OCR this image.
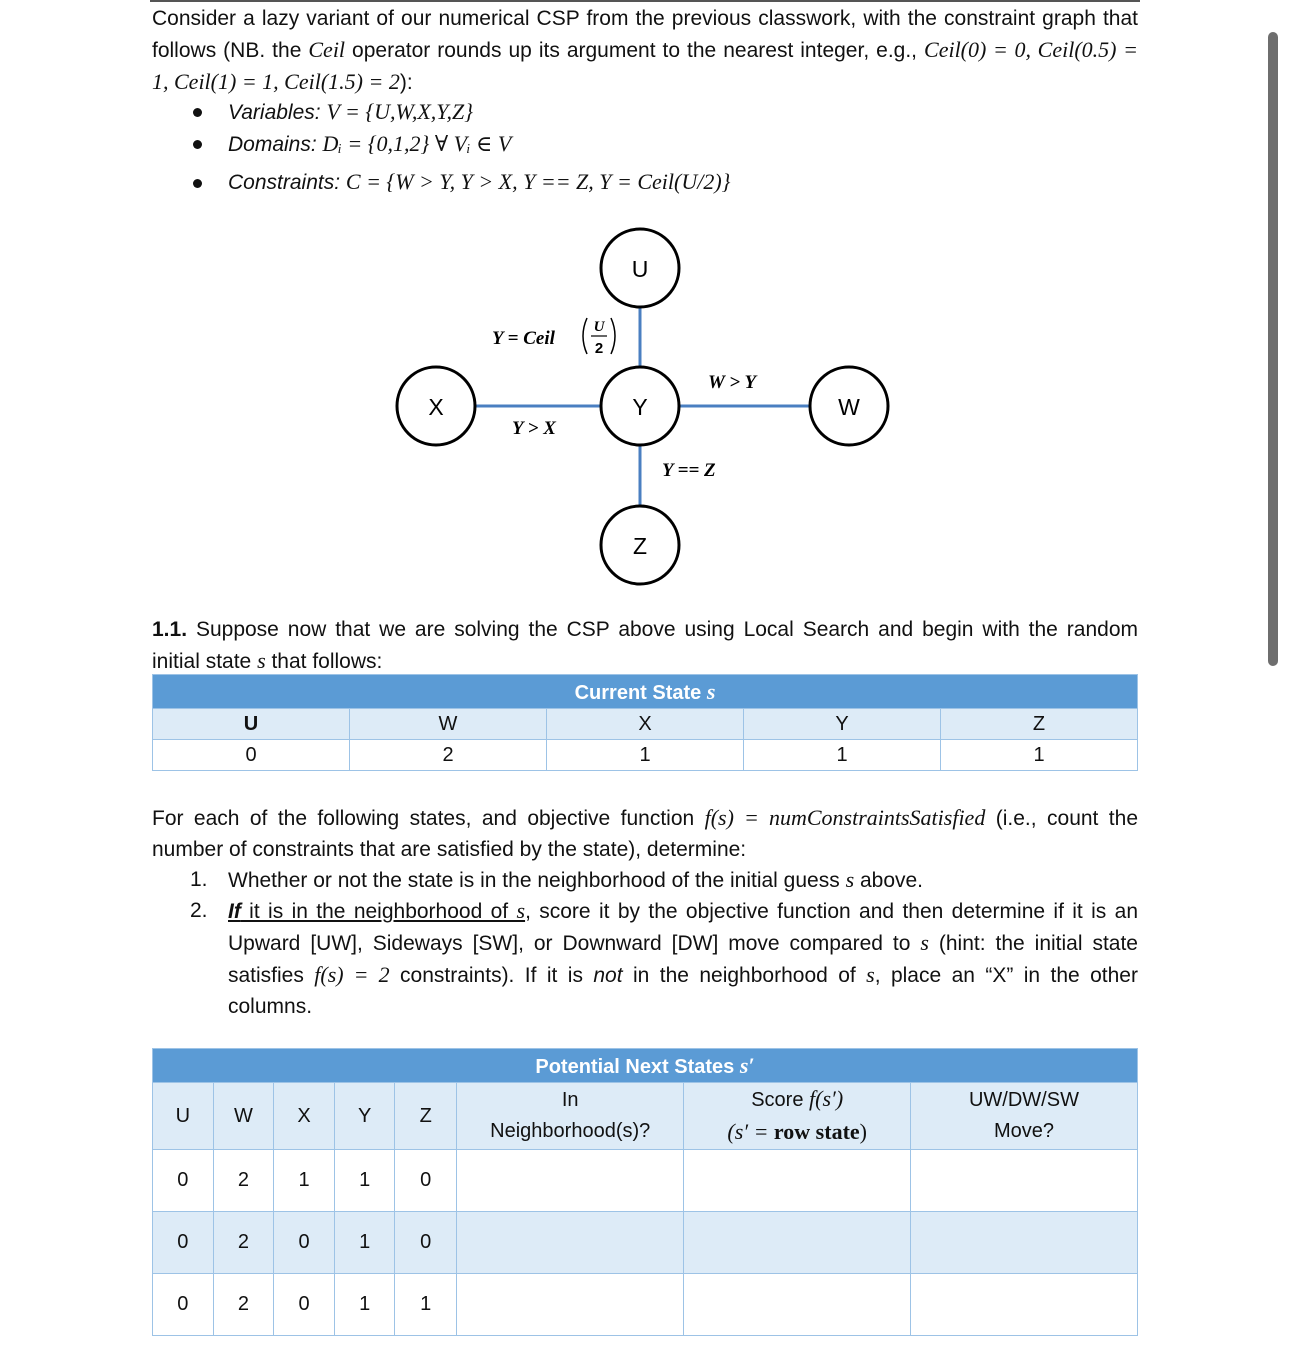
Consider a lazy variant of our numerical CSP from the previous classwork, with the constraint graph that follows (NB. the Ceil operator rounds up its argument to the nearest integer, e.g., Ceil(0) = 0, Ceil(0.5) = 1, Ceil(1) = 1, Ceil(1.5) = 2):
Variables: V = {U,W,X,Y,Z}
Domains: Dᵢ = {0,1,2} ∀ Vᵢ ∈ V
Constraints: C = {W > Y, Y > X, Y == Z, Y = Ceil(U/2)}
U
X	Y	W
Z
Y = Ceil
U
2
Y > X
W > Y
Y == Z
1.1. Suppose now that we are solving the CSP above using Local Search and begin with the random initial state s that follows:
Current State s				
U	W	X	Y	Z
0	2	1	1	1
For each of the following states, and objective function f(s) = numConstraintsSatisfied (i.e., count the number of constraints that are satisfied by the state), determine:
1. Whether or not the state is in the neighborhood of the initial guess s above.
2. If it is in the neighborhood of s, score it by the objective function and then determine if it is an Upward [UW], Sideways [SW], or Downward [DW] move compared to s (hint: the initial state satisfies f(s) = 2 constraints). If it is not in the neighborhood of s, place an “X” in the other columns.
Potential Next States s′							
U	W	X	Y	Z	In
Neighborhood(s)?	Score f(s′)
(s′ = row state)	UW/DW/SW
Move?
0	2	1	1	0			
0	2	0	1	0			
0	2	0	1	1			
